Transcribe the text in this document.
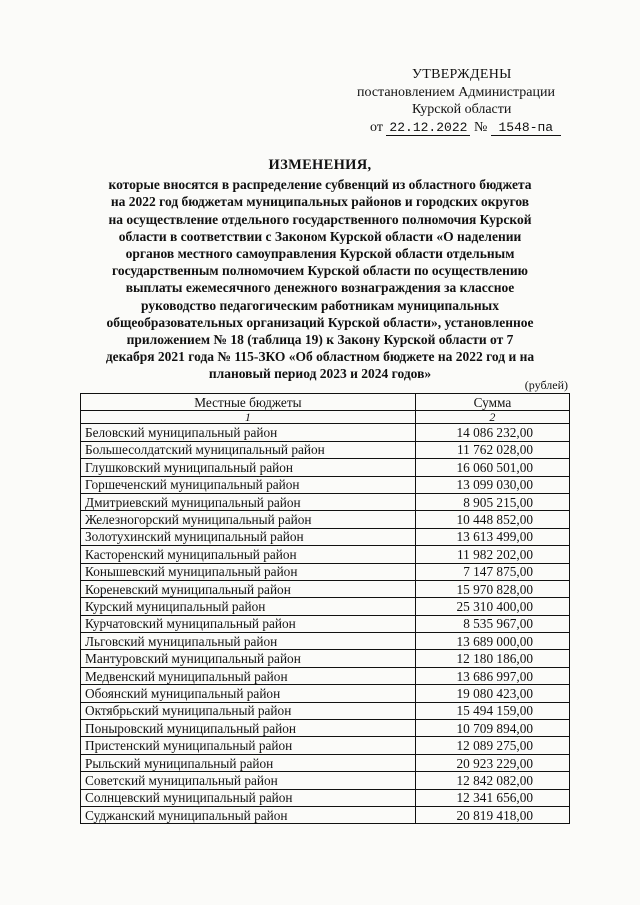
УТВЕРЖДЕНЫ
постановлением Администрации
Курской области
от 22.12.2022 № 1548-па
ИЗМЕНЕНИЯ,
которые вносятся в распределение субвенций из областного бюджета
на 2022 год бюджетам муниципальных районов и городских округов
на осуществление отдельного государственного полномочия Курской
области в соответствии с Законом Курской области «О наделении
органов местного самоуправления Курской области отдельным
государственным полномочием Курской области по осуществлению
выплаты ежемесячного денежного вознаграждения за классное
руководство педагогическим работникам муниципальных
общеобразовательных организаций Курской области», установленное
приложением № 18 (таблица 19) к Закону Курской области от 7
декабря 2021 года № 115-ЗКО «Об областном бюджете на 2022 год и на
плановый период 2023 и 2024 годов»
(рублей)
Местные бюджеты	Сумма
1	2
Беловский муниципальный район	14 086 232,00
Большесолдатский муниципальный район	11 762 028,00
Глушковский муниципальный район	16 060 501,00
Горшеченский муниципальный район	13 099 030,00
Дмитриевский муниципальный район	8 905 215,00
Железногорский муниципальный район	10 448 852,00
Золотухинский муниципальный район	13 613 499,00
Касторенский муниципальный район	11 982 202,00
Конышевский муниципальный район	7 147 875,00
Кореневский муниципальный район	15 970 828,00
Курский муниципальный район	25 310 400,00
Курчатовский муниципальный район	8 535 967,00
Льговский муниципальный район	13 689 000,00
Мантуровский муниципальный район	12 180 186,00
Медвенский муниципальный район	13 686 997,00
Обоянский муниципальный район	19 080 423,00
Октябрьский муниципальный район	15 494 159,00
Поныровский муниципальный район	10 709 894,00
Пристенский муниципальный район	12 089 275,00
Рыльский муниципальный район	20 923 229,00
Советский муниципальный район	12 842 082,00
Солнцевский муниципальный район	12 341 656,00
Суджанский муниципальный район	20 819 418,00
